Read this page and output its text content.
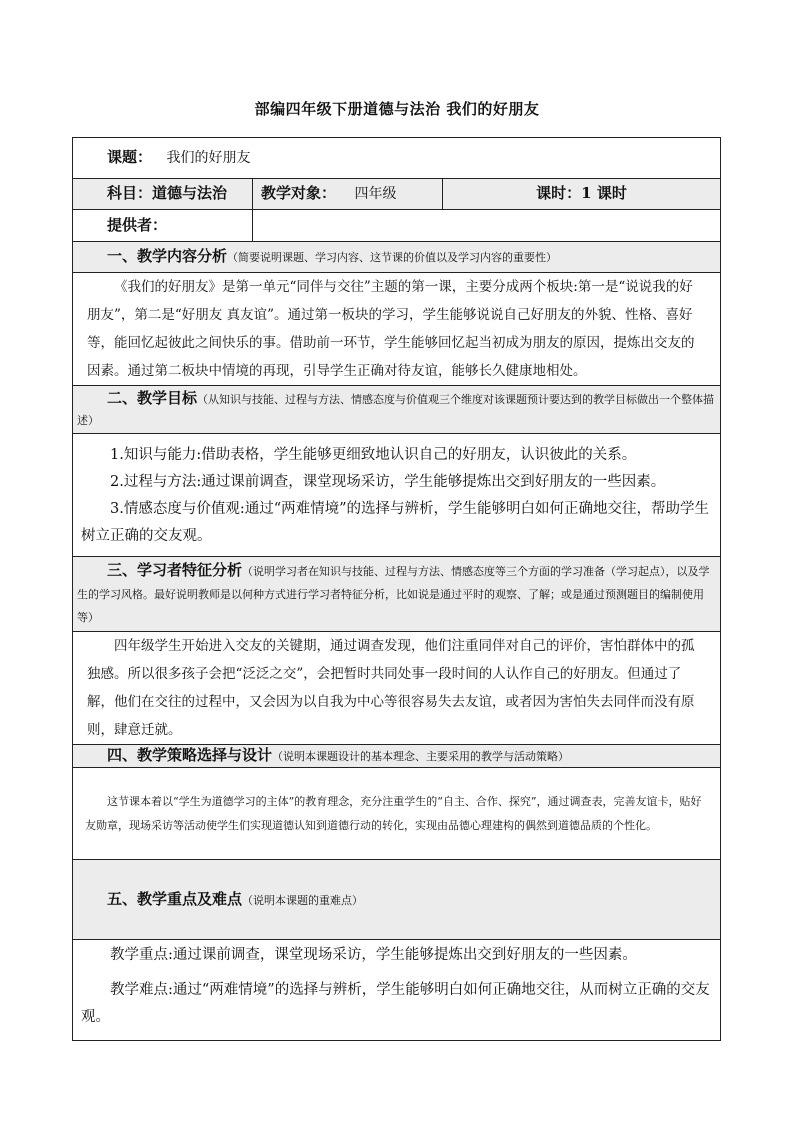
部编四年级下册道德与法治 我们的好朋友
课题： 我们的好朋友		
科目：道德与法治	教学对象： 四年级	课时：1 课时
提供者：		
一、教学内容分析（简要说明课题、学习内容、这节课的价值以及学习内容的重要性）		

《我们的好朋友》是第一单元“同伴与交往”主题的第一课，主要分成两个板块:第一是“说说我的好朋友”，第二是“好朋友 真友谊”。通过第一板块的学习，学生能够说说自己好朋友的外貌、性格、喜好等，能回忆起彼此之间快乐的事。借助前一环节，学生能够回忆起当初成为朋友的原因，提炼出交友的因素。通过第二板块中情境的再现，引导学生正确对待友谊，能够长久健康地相处。		

二、教学目标（从知识与技能、过程与方法、情感态度与价值观三个维度对该课题预计要达到的教学目标做出一个整体描述）		

1.知识与能力:借助表格，学生能够更细致地认识自己的好朋友，认识彼此的关系。

2.过程与方法:通过课前调查，课堂现场采访，学生能够提炼出交到好朋友的一些因素。

3.情感态度与价值观:通过“两难情境”的选择与辨析，学生能够明白如何正确地交往，帮助学生树立正确的交友观。		

三、学习者特征分析（说明学习者在知识与技能、过程与方法、情感态度等三个方面的学习准备（学习起点），以及学生的学习风格。最好说明教师是以何种方式进行学习者特征分析，比如说是通过平时的观察、了解；或是通过预测题目的编制使用等）		

四年级学生开始进入交友的关键期，通过调查发现，他们注重同伴对自己的评价，害怕群体中的孤独感。所以很多孩子会把“泛泛之交”，会把暂时共同处事一段时间的人认作自己的好朋友。但通过了解，他们在交往的过程中，又会因为以自我为中心等很容易失去友谊，或者因为害怕失去同伴而没有原则，肆意迁就。		

四、教学策略选择与设计（说明本课题设计的基本理念、主要采用的教学与活动策略）		

这节课本着以“学生为道德学习的主体”的教育理念，充分注重学生的“自主、合作、探究”，通过调查表，完善友谊卡，贴好友勋章，现场采访等活动使学生们实现道德认知到道德行动的转化，实现由品德心理建构的偶然到道德品质的个性化。		

五、教学重点及难点（说明本课题的重难点）		

教学重点:通过课前调查，课堂现场采访，学生能够提炼出交到好朋友的一些因素。

教学难点:通过“两难情境”的选择与辨析，学生能够明白如何正确地交往，从而树立正确的交友观。		
